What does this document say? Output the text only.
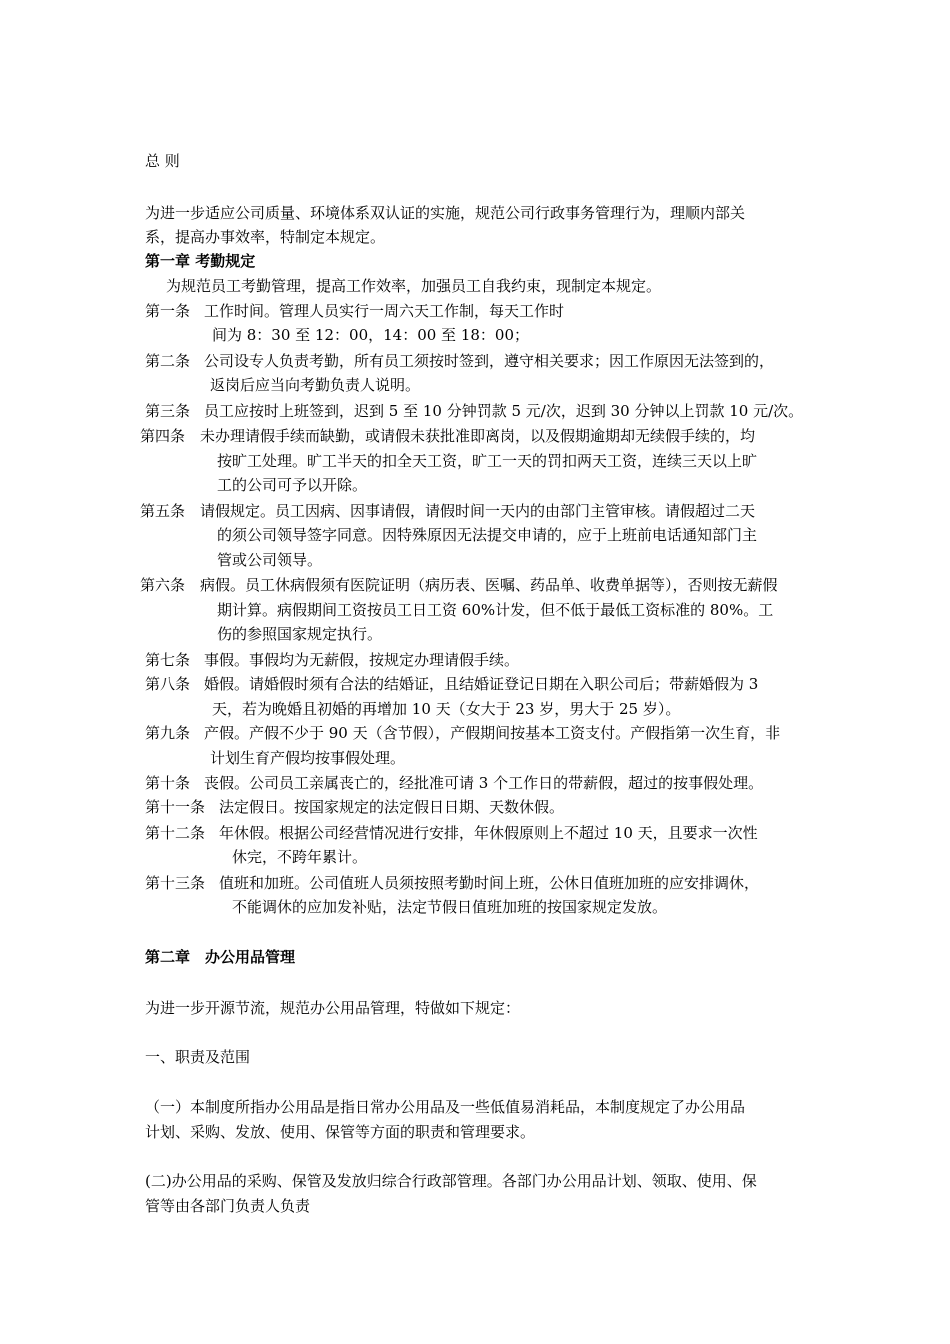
总 则
为进一步适应公司质量、环境体系双认证的实施，规范公司行政事务管理行为，理顺内部关
系，提高办事效率，特制定本规定。
第一章 考勤规定
为规范员工考勤管理，提高工作效率，加强员工自我约束，现制定本规定。
第一条 工作时间。管理人员实行一周六天工作制，每天工作时
间为 8：30 至 12：00，14：00 至 18：00；
第二条 公司设专人负责考勤，所有员工须按时签到，遵守相关要求；因工作原因无法签到的，
返岗后应当向考勤负责人说明。
第三条 员工应按时上班签到，迟到 5 至 10 分钟罚款 5 元/次，迟到 30 分钟以上罚款 10 元/次。
第四条 未办理请假手续而缺勤，或请假未获批准即离岗，以及假期逾期却无续假手续的，均
按旷工处理。旷工半天的扣全天工资，旷工一天的罚扣两天工资，连续三天以上旷
工的公司可予以开除。
第五条 请假规定。员工因病、因事请假，请假时间一天内的由部门主管审核。请假超过二天
的须公司领导签字同意。因特殊原因无法提交申请的，应于上班前电话通知部门主
管或公司领导。
第六条 病假。员工休病假须有医院证明（病历表、医嘱、药品单、收费单据等），否则按无薪假
期计算。病假期间工资按员工日工资 60%计发，但不低于最低工资标准的 80%。工
伤的参照国家规定执行。
第七条 事假。事假均为无薪假，按规定办理请假手续。
第八条 婚假。请婚假时须有合法的结婚证，且结婚证登记日期在入职公司后；带薪婚假为 3
天，若为晚婚且初婚的再增加 10 天（女大于 23 岁，男大于 25 岁）。
第九条 产假。产假不少于 90 天（含节假），产假期间按基本工资支付。产假指第一次生育，非
计划生育产假均按事假处理。
第十条 丧假。公司员工亲属丧亡的，经批准可请 3 个工作日的带薪假，超过的按事假处理。
第十一条 法定假日。按国家规定的法定假日日期、天数休假。
第十二条 年休假。根据公司经营情况进行安排，年休假原则上不超过 10 天，且要求一次性
休完，不跨年累计。
第十三条 值班和加班。公司值班人员须按照考勤时间上班，公休日值班加班的应安排调休，
不能调休的应加发补贴，法定节假日值班加班的按国家规定发放。
第二章　办公用品管理
为进一步开源节流，规范办公用品管理，特做如下规定：
一、职责及范围
（一）本制度所指办公用品是指日常办公用品及一些低值易消耗品，本制度规定了办公用品
计划、采购、发放、使用、保管等方面的职责和管理要求。
(二)办公用品的采购、保管及发放归综合行政部管理。各部门办公用品计划、领取、使用、保
管等由各部门负责人负责
